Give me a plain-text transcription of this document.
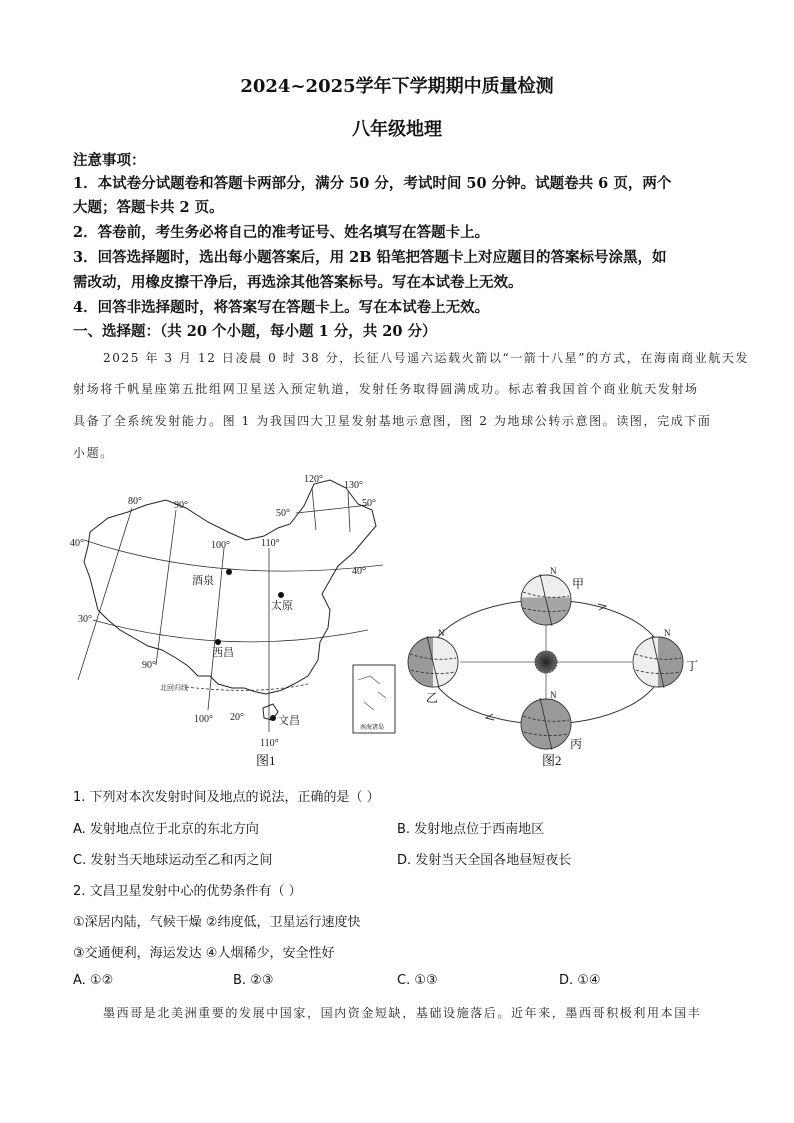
2024~2025学年下学期期中质量检测
八年级地理
注意事项：
1．本试卷分试题卷和答题卡两部分，满分 50 分，考试时间 50 分钟。试题卷共 6 页，两个
大题；答题卡共 2 页。
2．答卷前，考生务必将自己的准考证号、姓名填写在答题卡上。
3．回答选择题时，选出每小题答案后，用 2B 铅笔把答题卡上对应题目的答案标号涂黑，如
需改动，用橡皮擦干净后，再选涂其他答案标号。写在本试卷上无效。
4．回答非选择题时，将答案写在答题卡上。写在本试卷上无效。
一、选择题：（共 20 个小题，每小题 1 分，共 20 分）
2025 年 3 月 12 日凌晨 0 时 38 分，长征八号遥六运载火箭以“一箭十八星”的方式，在海南商业航天发
射场将千帆星座第五批组网卫星送入预定轨道，发射任务取得圆满成功。标志着我国首个商业航天发射场
具备了全系统发射能力。图 1 为我国四大卫星发射基地示意图，图 2 为地球公转示意图。读图，完成下面
小题。
南海诸岛
80°	90°
100°	110°
120°
130°
40°
30°
50°
50°
40°
90°
100° 20°
110°
北回归线
酒泉
太原
西昌
文昌
图1
N
N
N
N
甲
乙
丙
丁
图2
1. 下列对本次发射时间及地点的说法，正确的是（ ）
A. 发射地点位于北京的东北方向	B. 发射地点位于西南地区
C. 发射当天地球运动至乙和丙之间	D. 发射当天全国各地昼短夜长
2. 文昌卫星发射中心的优势条件有（ ）
①深居内陆，气候干燥 ②纬度低，卫星运行速度快
③交通便利，海运发达 ④人烟稀少，安全性好
A. ①②	B. ②③	C. ①③	D. ①④
墨西哥是北美洲重要的发展中国家，国内资金短缺，基础设施落后。近年来，墨西哥积极利用本国丰
